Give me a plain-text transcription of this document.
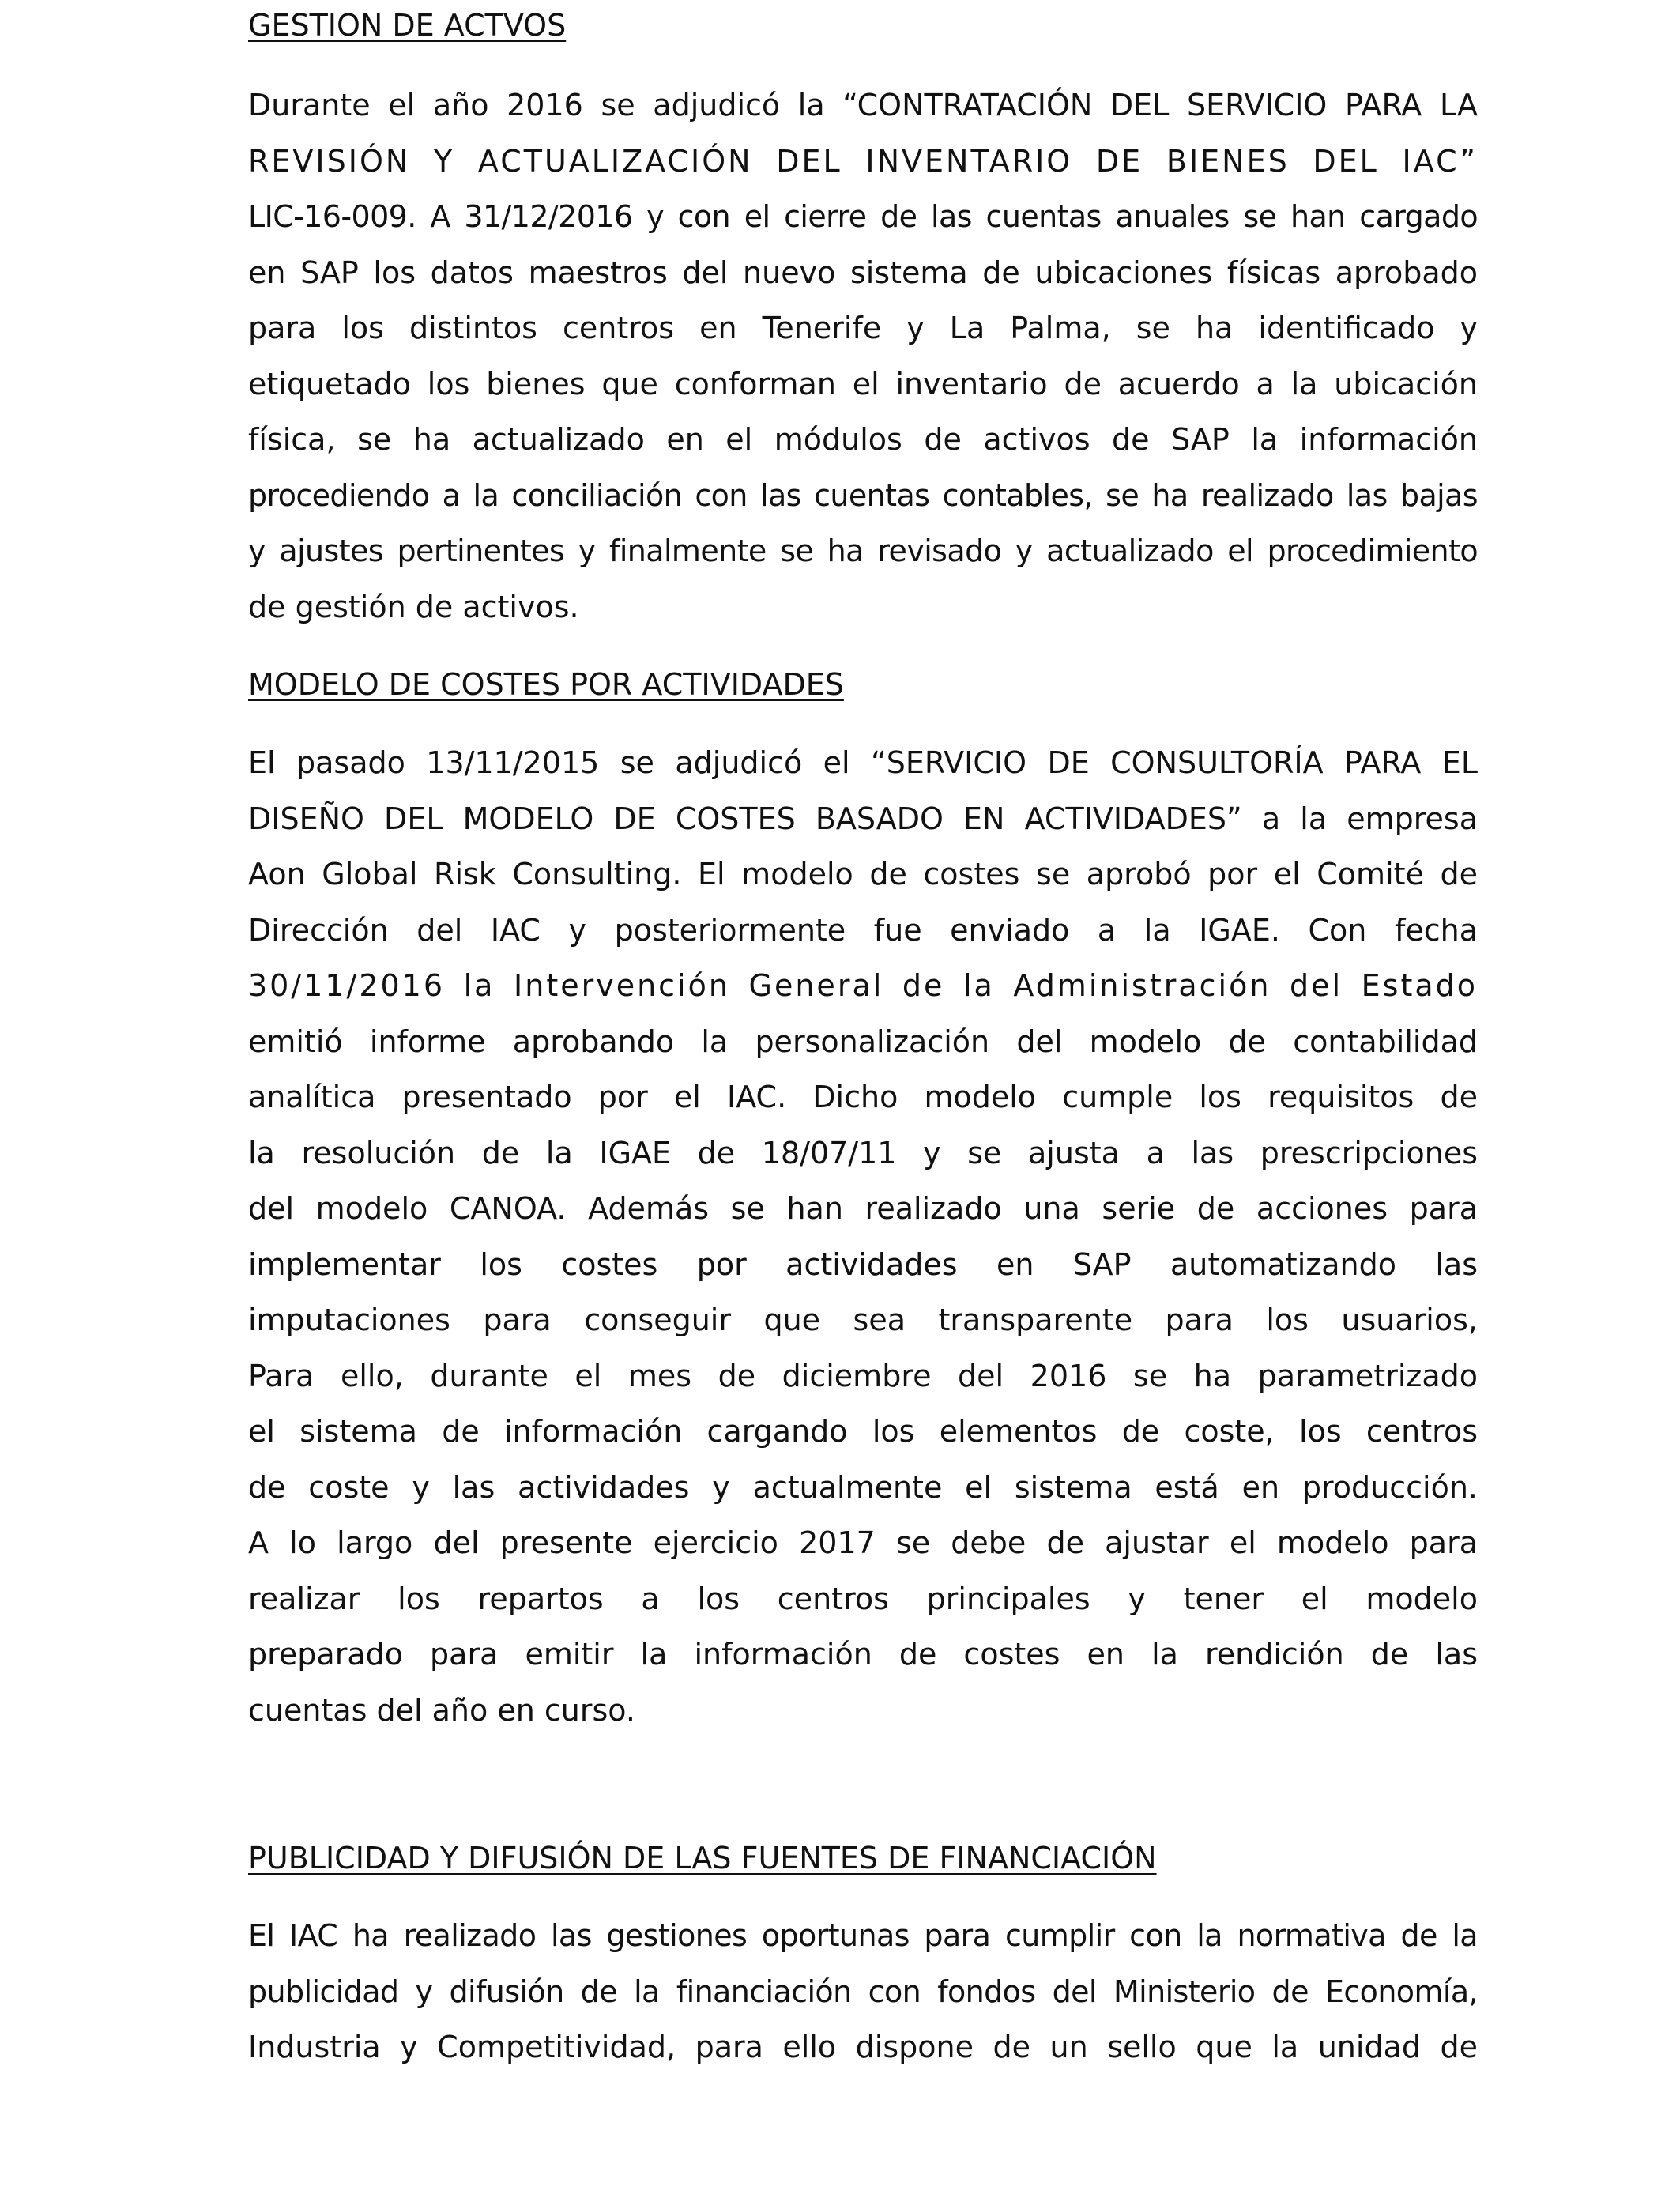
GESTION DE ACTVOS
Durante el año 2016 se adjudicó la “CONTRATACIÓN DEL SERVICIO PARA LA
REVISIÓN Y ACTUALIZACIÓN DEL INVENTARIO DE BIENES DEL IAC”
LIC-16-009. A 31/12/2016 y con el cierre de las cuentas anuales se han cargado
en SAP los datos maestros del nuevo sistema de ubicaciones físicas aprobado
para los distintos centros en Tenerife y La Palma, se ha identificado y
etiquetado los bienes que conforman el inventario de acuerdo a la ubicación
física, se ha actualizado en el módulos de activos de SAP la información
procediendo a la conciliación con las cuentas contables, se ha realizado las bajas
y ajustes pertinentes y finalmente se ha revisado y actualizado el procedimiento
de gestión de activos.
MODELO DE COSTES POR ACTIVIDADES
El pasado 13/11/2015 se adjudicó el “SERVICIO DE CONSULTORÍA PARA EL
DISEÑO DEL MODELO DE COSTES BASADO EN ACTIVIDADES” a la empresa
Aon Global Risk Consulting. El modelo de costes se aprobó por el Comité de
Dirección del IAC y posteriormente fue enviado a la IGAE. Con fecha
30/11/2016 la Intervención General de la Administración del Estado
emitió informe aprobando la personalización del modelo de contabilidad
analítica presentado por el IAC. Dicho modelo cumple los requisitos de
la resolución de la IGAE de 18/07/11 y se ajusta a las prescripciones
del modelo CANOA. Además se han realizado una serie de acciones para
implementar los costes por actividades en SAP automatizando las
imputaciones para conseguir que sea transparente para los usuarios,
Para ello, durante el mes de diciembre del 2016 se ha parametrizado
el sistema de información cargando los elementos de coste, los centros
de coste y las actividades y actualmente el sistema está en producción.
A lo largo del presente ejercicio 2017 se debe de ajustar el modelo para
realizar los repartos a los centros principales y tener el modelo
preparado para emitir la información de costes en la rendición de las
cuentas del año en curso.
PUBLICIDAD Y DIFUSIÓN DE LAS FUENTES DE FINANCIACIÓN
El IAC ha realizado las gestiones oportunas para cumplir con la normativa de la
publicidad y difusión de la financiación con fondos del Ministerio de Economía,
Industria y Competitividad, para ello dispone de un sello que la unidad de
